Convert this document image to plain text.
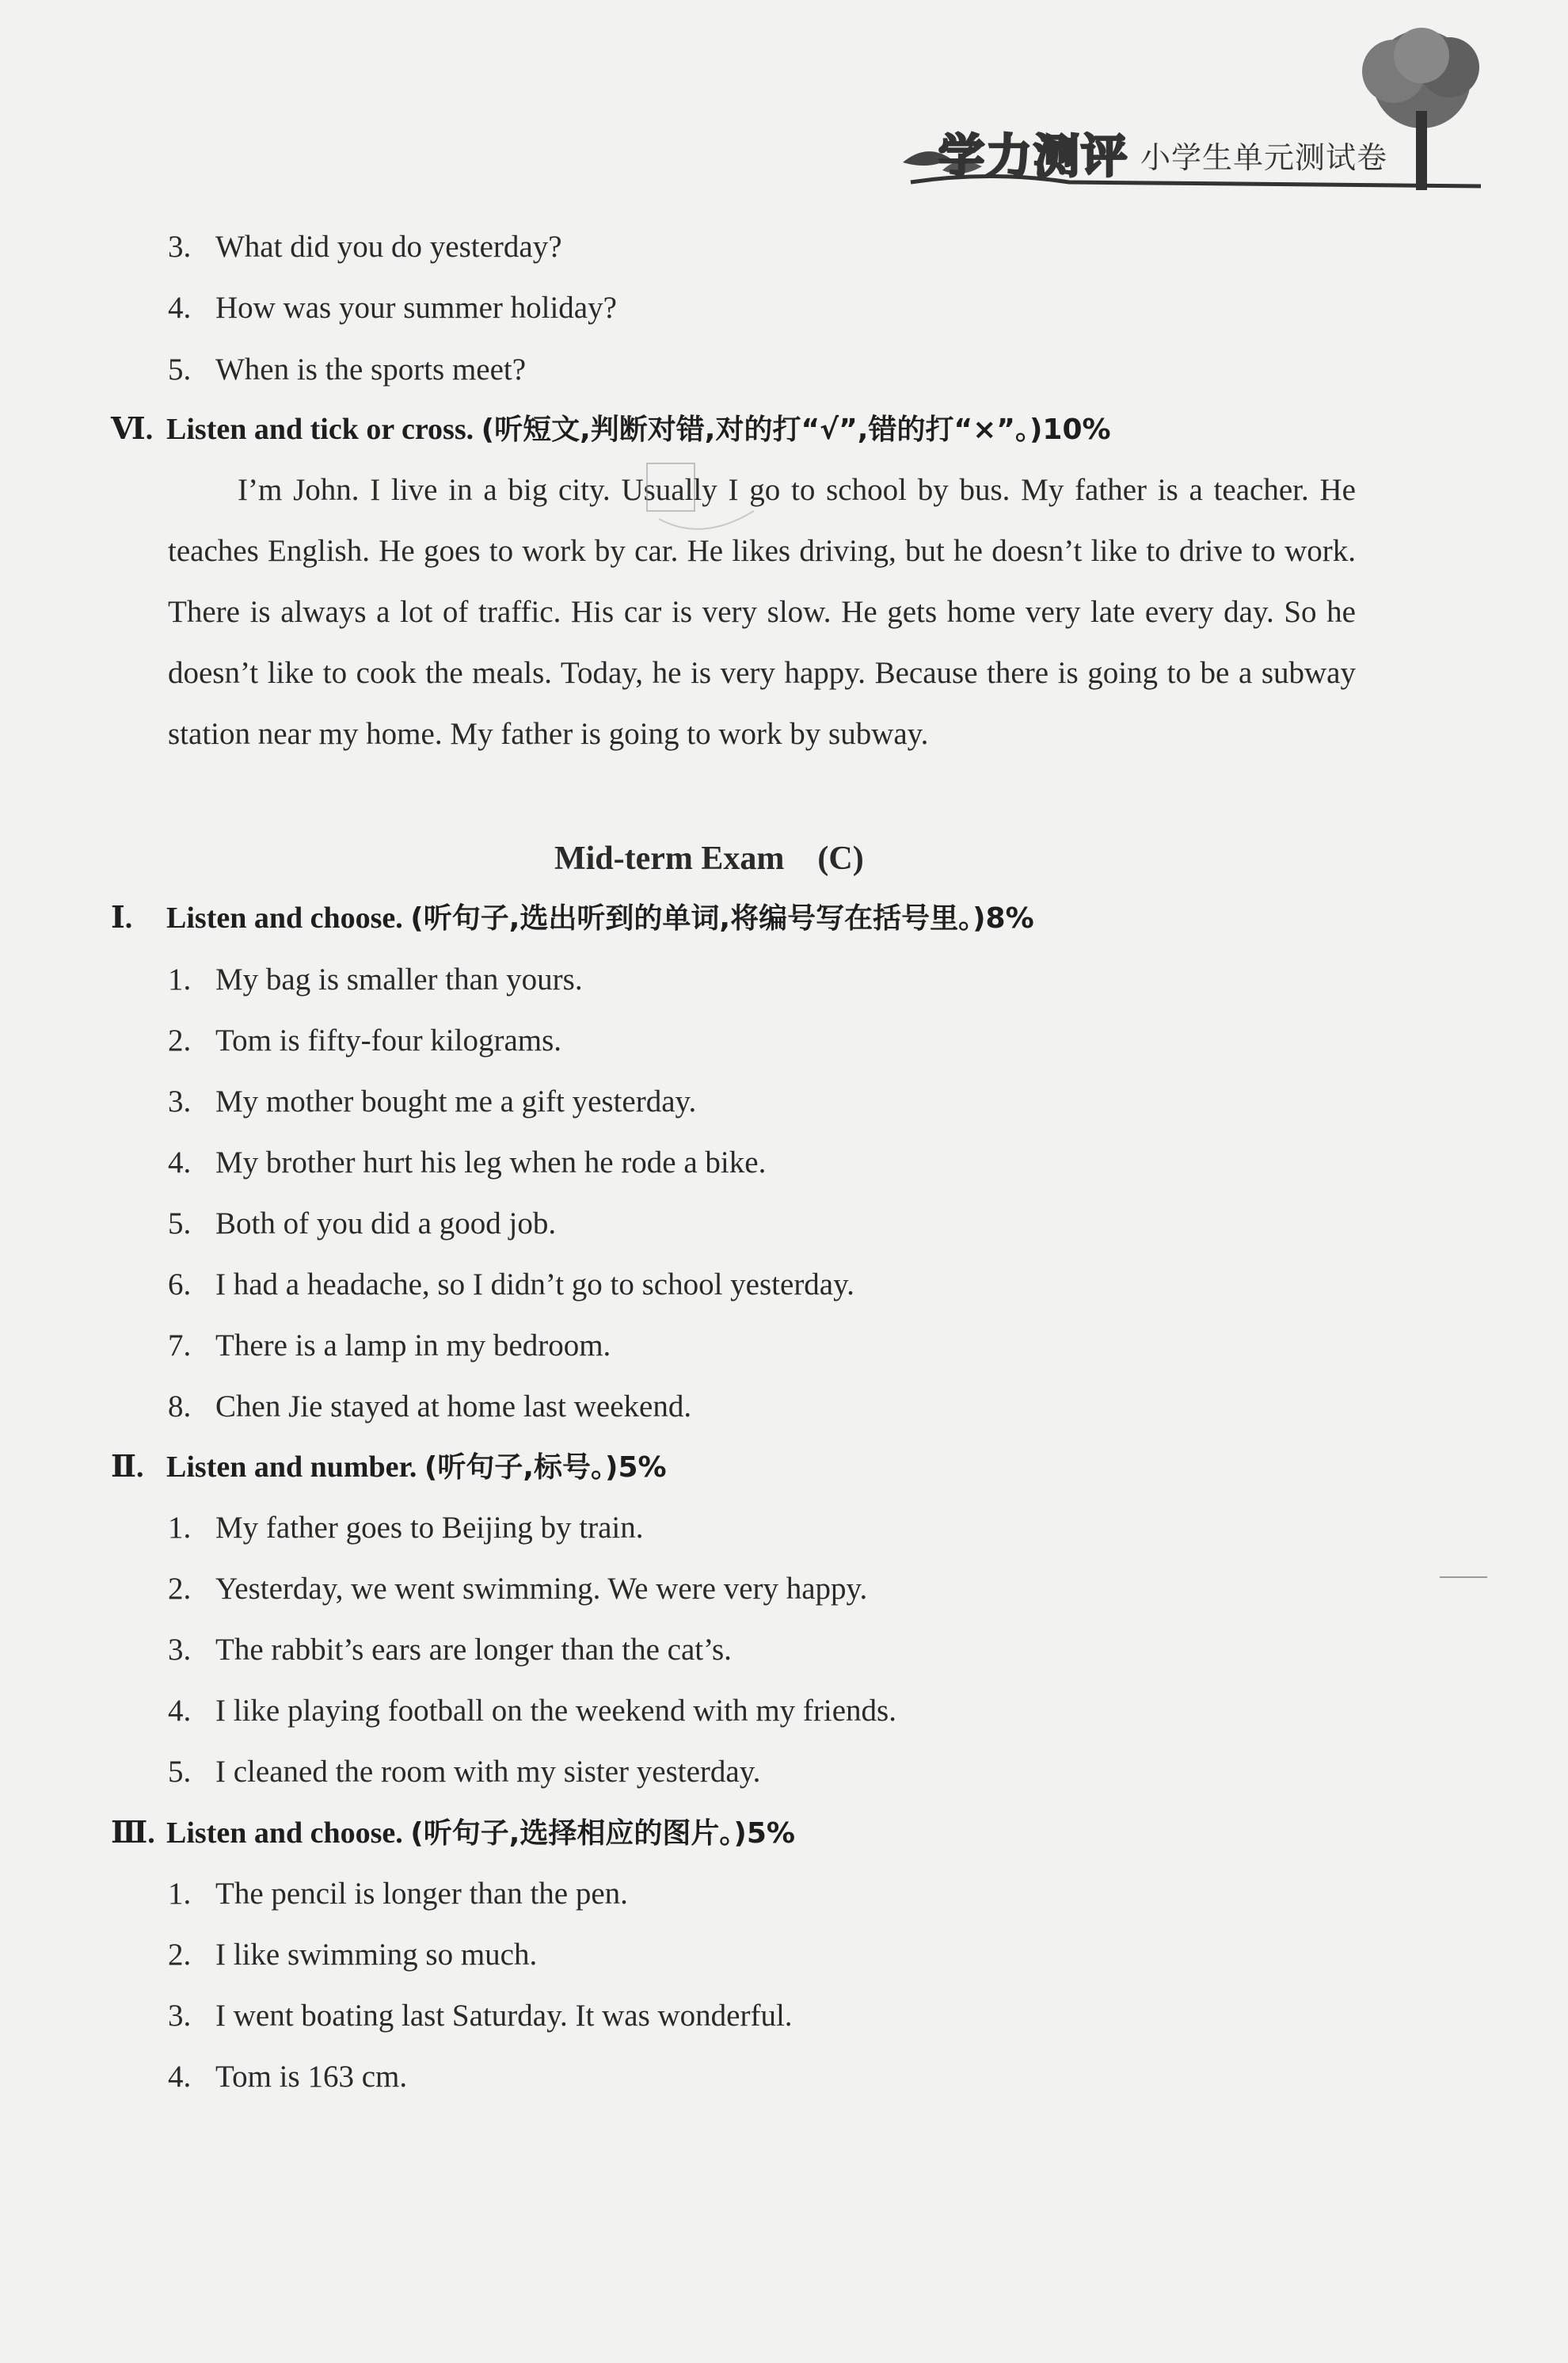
学力测评 小学生单元测试卷
3. What did you do yesterday?
4. How was your summer holiday?
5. When is the sports meet?
Ⅵ. Listen and tick or cross. (听短文,判断对错,对的打“√”,错的打“×”。)10%

I’m John. I live in a big city. Usually I go to school by bus. My father is a teacher. He teaches English. He goes to work by car. He likes driving, but he doesn’t like to drive to work. There is always a lot of traffic. His car is very slow. He gets home very late every day. So he doesn’t like to cook the meals. Today, he is very happy. Because there is going to be a subway station near my home. My father is going to work by subway.

Mid-term Exam　(C)
Ⅰ. Listen and choose. (听句子,选出听到的单词,将编号写在括号里。)8%
1. My bag is smaller than yours.
2. Tom is fifty-four kilograms.
3. My mother bought me a gift yesterday.
4. My brother hurt his leg when he rode a bike.
5. Both of you did a good job.
6. I had a headache, so I didn’t go to school yesterday.
7. There is a lamp in my bedroom.
8. Chen Jie stayed at home last weekend.
Ⅱ. Listen and number. (听句子,标号。)5%
1. My father goes to Beijing by train.
2. Yesterday, we went swimming. We were very happy.
3. The rabbit’s ears are longer than the cat’s.
4. I like playing football on the weekend with my friends.
5. I cleaned the room with my sister yesterday.
Ⅲ. Listen and choose. (听句子,选择相应的图片。)5%
1. The pencil is longer than the pen.
2. I like swimming so much.
3. I went boating last Saturday. It was wonderful.
4. Tom is 163 cm.
